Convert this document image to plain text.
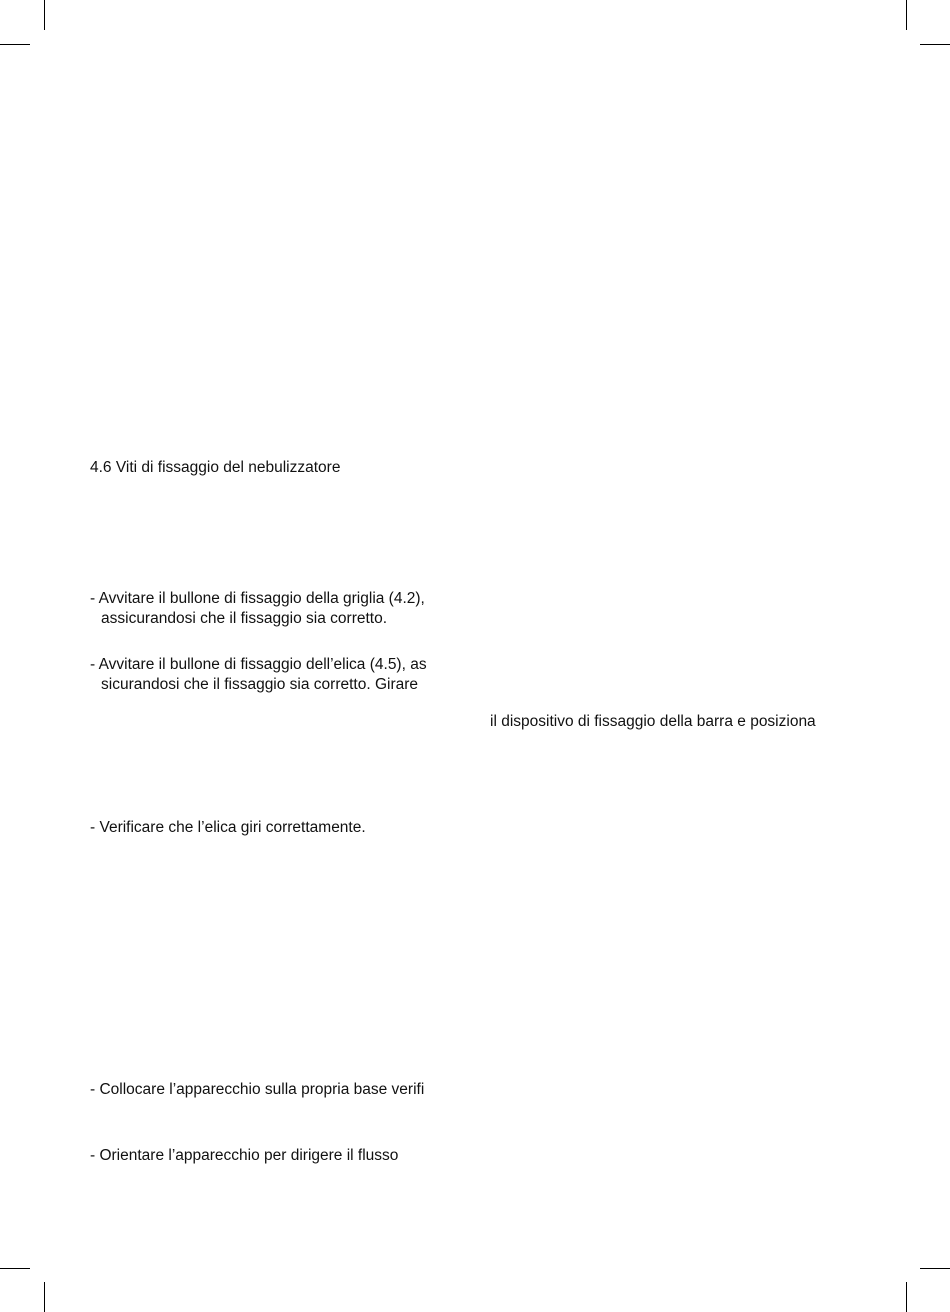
4.6 Viti di fissaggio del nebulizzatore

- Avvitare il bullone di fissaggio della griglia (4.2),

assicurandosi che il fissaggio sia corretto.

- Avvitare il bullone di fissaggio dell’elica (4.5), as

sicurandosi che il fissaggio sia corretto. Girare

il dispositivo di fissaggio della barra e posiziona

- Verificare che l’elica giri correttamente.

- Collocare l’apparecchio sulla propria base verifi

- Orientare l’apparecchio per dirigere il flusso
